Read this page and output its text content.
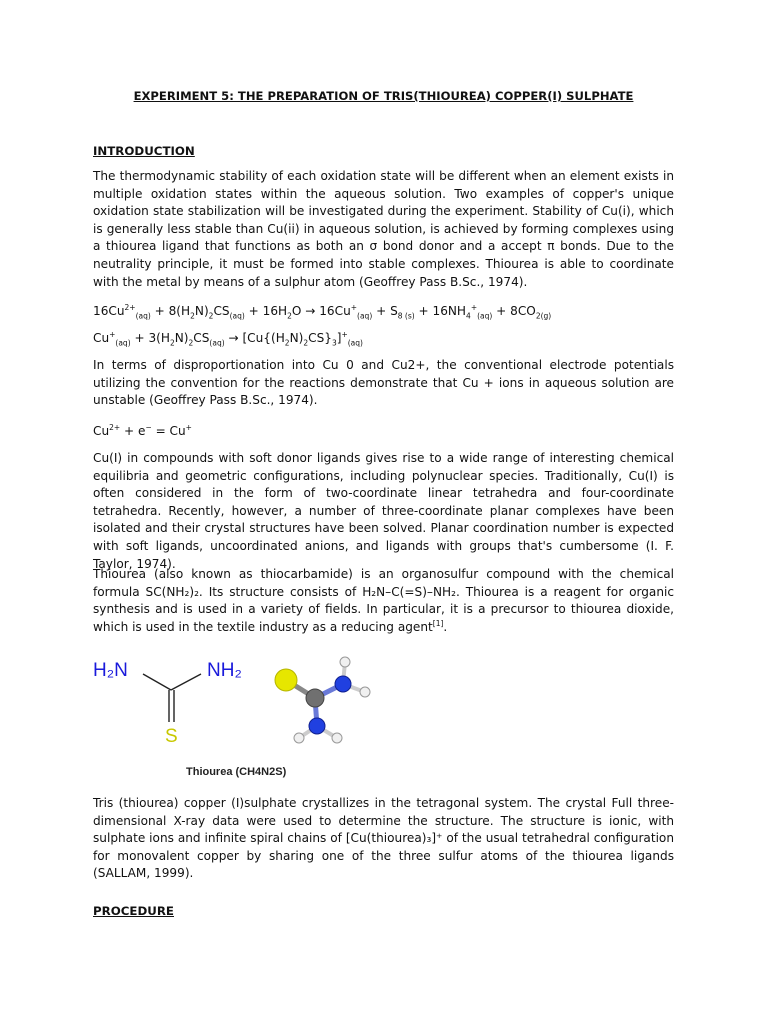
EXPERIMENT 5: THE PREPARATION OF TRIS(THIOUREA) COPPER(I) SULPHATE
INTRODUCTION
The thermodynamic stability of each oxidation state will be different when an element exists in multiple oxidation states within the aqueous solution. Two examples of copper's unique oxidation state stabilization will be investigated during the experiment. Stability of Cu(i), which is generally less stable than Cu(ii) in aqueous solution, is achieved by forming complexes using a thiourea ligand that functions as both an σ bond donor and a accept π bonds. Due to the neutrality principle, it must be formed into stable complexes. Thiourea is able to coordinate with the metal by means of a sulphur atom (Geoffrey Pass B.Sc., 1974).
$16Cu^{2+}_{(aq)} + 8(H_2N)_2CS_{(aq)} + 16H_2O \to 16Cu^+_{(aq)} + S_{8 (s)} + 16NH_4^+_{(aq)} + 8CO_{2(g)}$
$Cu^+_{(aq)} + 3(H_2N)_2CS_{(aq)} \to [Cu\{(H_2N)_2CS\}_3]^+_{(aq)}$
In terms of disproportionation into Cu 0 and Cu2+, the conventional electrode potentials utilizing the convention for the reactions demonstrate that Cu + ions in aqueous solution are unstable (Geoffrey Pass B.Sc., 1974).
$Cu^{2+} + e^- = Cu^+$
Cu(I) in compounds with soft donor ligands gives rise to a wide range of interesting chemical equilibria and geometric configurations, including polynuclear species. Traditionally, Cu(I) is often considered in the form of two-coordinate linear tetrahedra and four-coordinate tetrahedra. Recently, however, a number of three-coordinate planar complexes have been isolated and their crystal structures have been solved. Planar coordination number is expected with soft ligands, uncoordinated anions, and ligands with groups that's cumbersome (I. F. Taylor, 1974).
Thiourea (also known as thiocarbamide) is an organosulfur compound with the chemical formula SC(NH₂)₂. Its structure consists of H₂N–C(=S)–NH₂. Thiourea is a reagent for organic synthesis and is used in a variety of fields. In particular, it is a precursor to thiourea dioxide, which is used in the textile industry as a reducing agent[1].
Tris (thiourea) copper (I)sulphate crystallizes in the tetragonal system. The crystal Full three-dimensional X-ray data were used to determine the structure. The structure is ionic, with sulphate ions and infinite spiral chains of [Cu(thiourea)₃]⁺ of the usual tetrahedral configuration for monovalent copper by sharing one of the three sulfur atoms of the thiourea ligands (SALLAM, 1999).
PROCEDURE
H₂N	NH₂
S
Thiourea (CH4N2S)
